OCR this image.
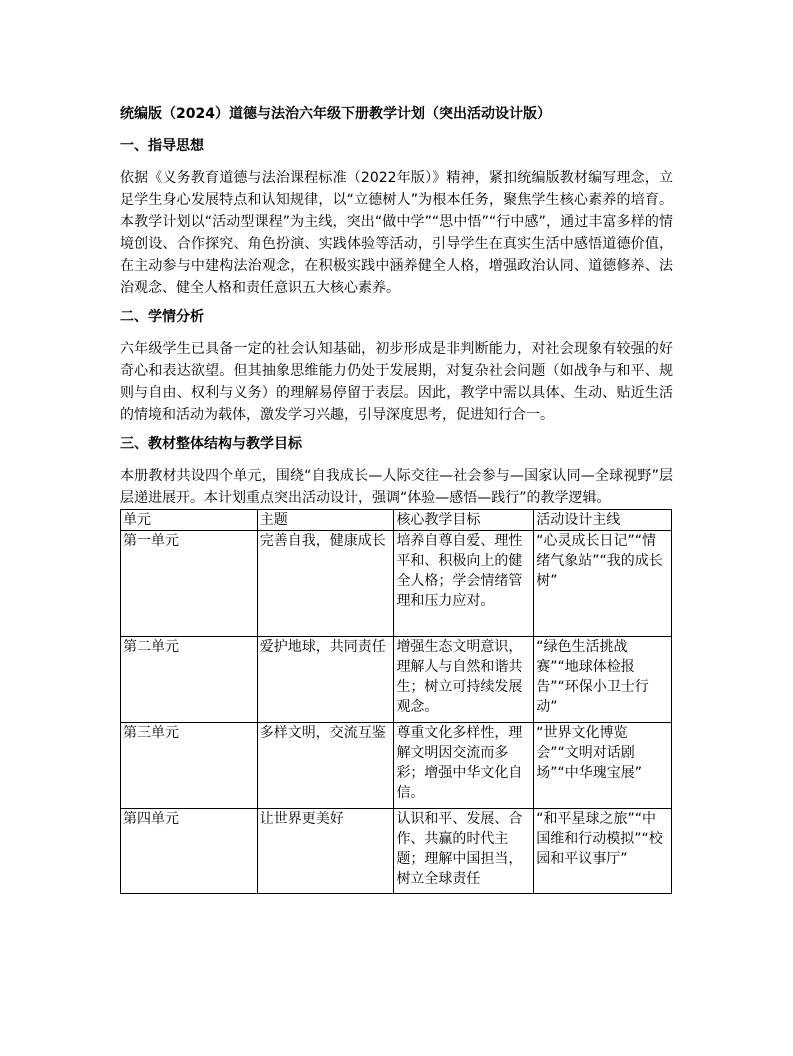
统编版（2024）道德与法治六年级下册教学计划（突出活动设计版）
一、指导思想
依据《义务教育道德与法治课程标准（2022年版）》精神，紧扣统编版教材编写理念，立足学生身心发展特点和认知规律，以“立德树人”为根本任务，聚焦学生核心素养的培育。本教学计划以“活动型课程”为主线，突出“做中学”“思中悟”“行中感”，通过丰富多样的情境创设、合作探究、角色扮演、实践体验等活动，引导学生在真实生活中感悟道德价值，在主动参与中建构法治观念，在积极实践中涵养健全人格，增强政治认同、道德修养、法治观念、健全人格和责任意识五大核心素养。
二、学情分析
六年级学生已具备一定的社会认知基础，初步形成是非判断能力，对社会现象有较强的好奇心和表达欲望。但其抽象思维能力仍处于发展期，对复杂社会问题（如战争与和平、规则与自由、权利与义务）的理解易停留于表层。因此，教学中需以具体、生动、贴近生活的情境和活动为载体，激发学习兴趣，引导深度思考，促进知行合一。
三、教材整体结构与教学目标
本册教材共设四个单元，围绕“自我成长—人际交往—社会参与—国家认同—全球视野”层层递进展开。本计划重点突出活动设计，强调“体验—感悟—践行”的教学逻辑。
单元	主题	核心教学目标	活动设计主线
第一单元	完善自我，健康成长	培养自尊自爱、理性平和、积极向上的健全人格；学会情绪管理和压力应对。	“心灵成长日记”“情绪气象站”“我的成长树”
第二单元	爱护地球，共同责任	增强生态文明意识，理解人与自然和谐共生；树立可持续发展观念。	“绿色生活挑战赛”“地球体检报告”“环保小卫士行动”
第三单元	多样文明，交流互鉴	尊重文化多样性，理解文明因交流而多彩；增强中华文化自信。	“世界文化博览会”“文明对话剧场”“中华瑰宝展”
第四单元	让世界更美好	认识和平、发展、合作、共赢的时代主题；理解中国担当，树立全球责任	“和平星球之旅”“中国维和行动模拟”“校园和平议事厅”
